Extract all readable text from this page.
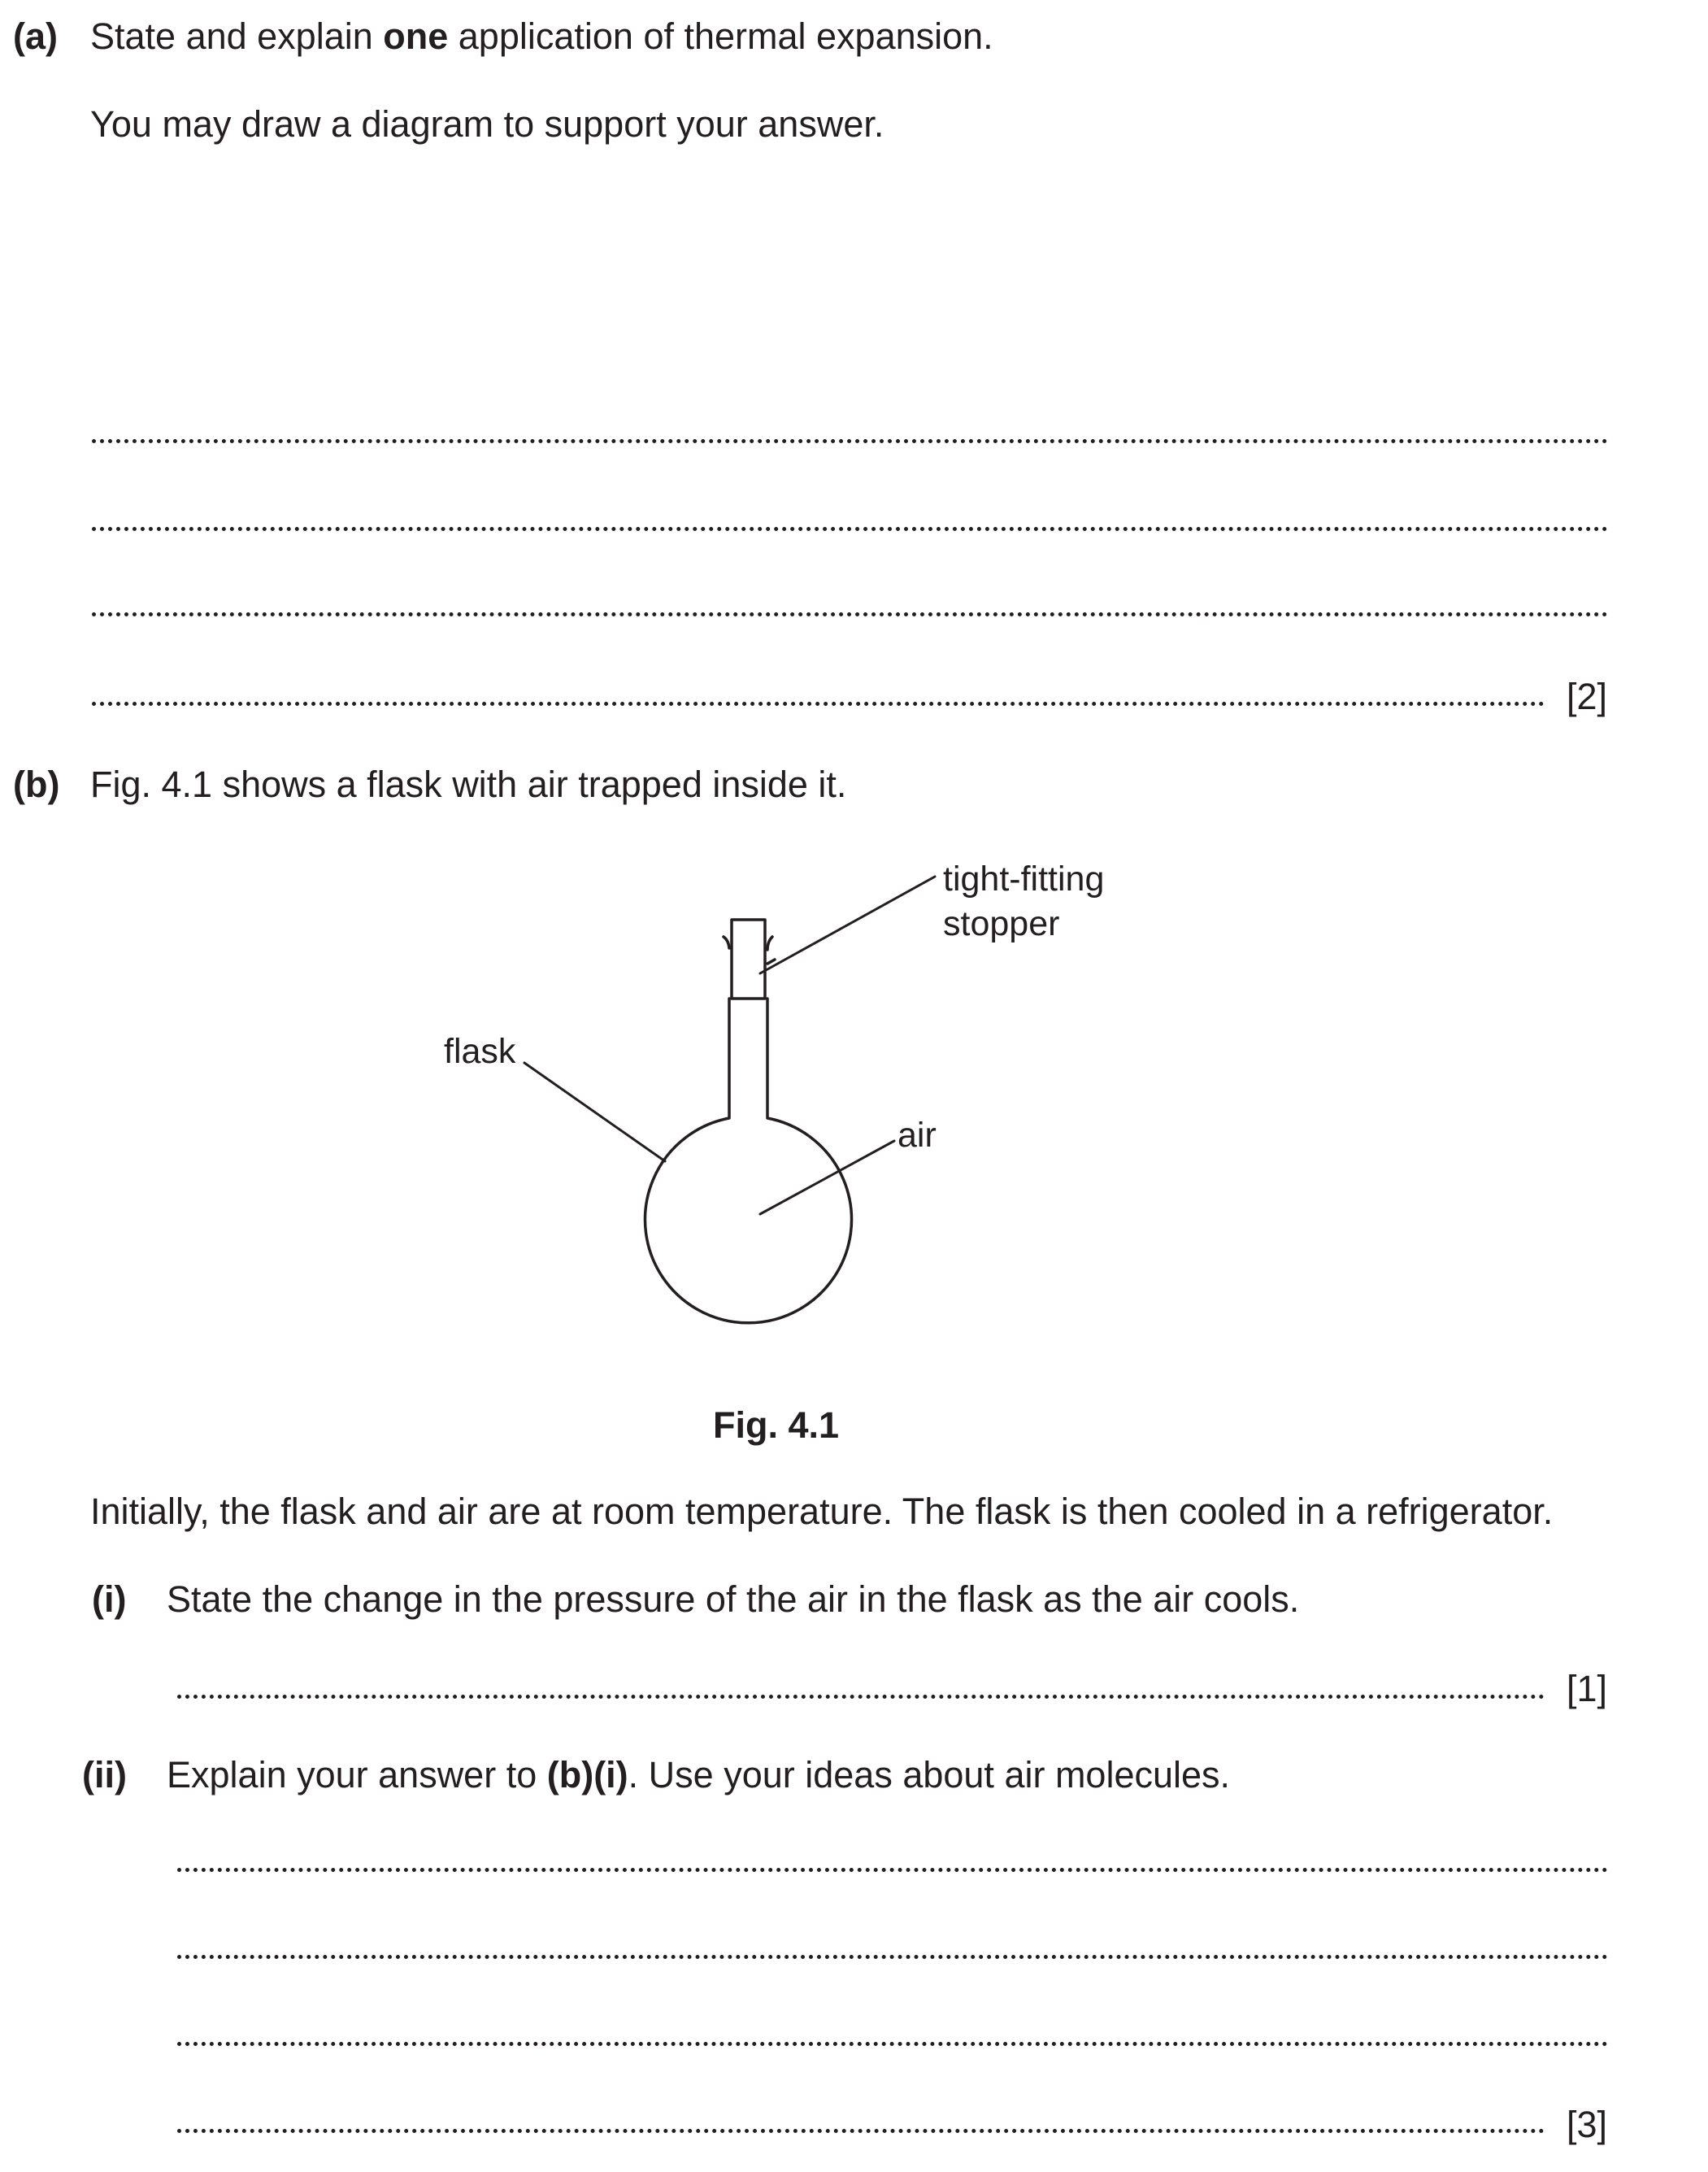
(a) State and explain one application of thermal expansion.
You may draw a diagram to support your answer.
[2]
(b) Fig. 4.1 shows a flask with air trapped inside it.
tight-fitting
stopper
flask
air
Fig. 4.1
Initially, the flask and air are at room temperature. The flask is then cooled in a refrigerator.
(i) State the change in the pressure of the air in the flask as the air cools.
[1]
(ii) Explain your answer to (b)(i). Use your ideas about air molecules.
[3]
